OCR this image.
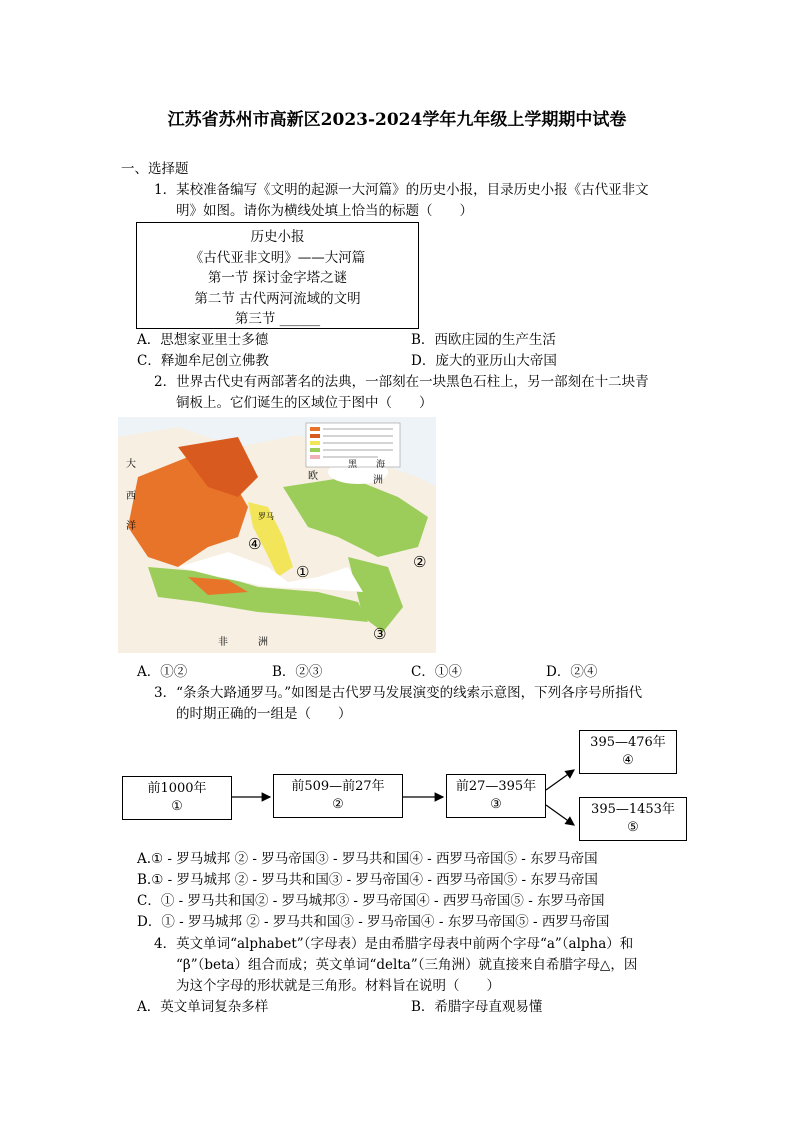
江苏省苏州市高新区2023-2024学年九年级上学期期中试卷
一、选择题
1．某校准备编写《文明的起源一大河篇》的历史小报，目录历史小报《古代亚非文
明》如图。请你为横线处填上恰当的标题（　　）
历史小报
《古代亚非文明》——大河篇
第一节 探讨金字塔之谜
第二节 古代两河流域的文明
第三节 ______
A．思想家亚里士多德	B．西欧庄园的生产生活
C．释迦牟尼创立佛教	D．庞大的亚历山大帝国
2．世界古代史有两部著名的法典，一部刻在一块黑色石柱上，另一部刻在十二块青
铜板上。它们诞生的区域位于图中（　　）
大
西
洋
欧	洲
非	洲
黑 海
罗马
④
①
②
③
A．①②	B．②③	C．①④	D．②④
3．“条条大路通罗马。”如图是古代罗马发展演变的线索示意图，下列各序号所指代
的时期正确的一组是（　　）
前1000年
①
前509—前27年
②
前27—395年
③
395—476年
④
395—1453年
⑤
A.① - 罗马城邦 ② - 罗马帝国③ - 罗马共和国④ - 西罗马帝国⑤ - 东罗马帝国
B.① - 罗马城邦 ② - 罗马共和国③ - 罗马帝国④ - 西罗马帝国⑤ - 东罗马帝国
C．① - 罗马共和国② - 罗马城邦③ - 罗马帝国④ - 西罗马帝国⑤ - 东罗马帝国
D．① - 罗马城邦 ② - 罗马共和国③ - 罗马帝国④ - 东罗马帝国⑤ - 西罗马帝国
4．英文单词“alphabet”（字母表）是由希腊字母表中前两个字母“a”（alpha）和
“β”（beta）组合而成；英文单词“delta”（三角洲）就直接来自希腊字母△，因
为这个字母的形状就是三角形。材料旨在说明（　　）
A．英文单词复杂多样	B．希腊字母直观易懂
